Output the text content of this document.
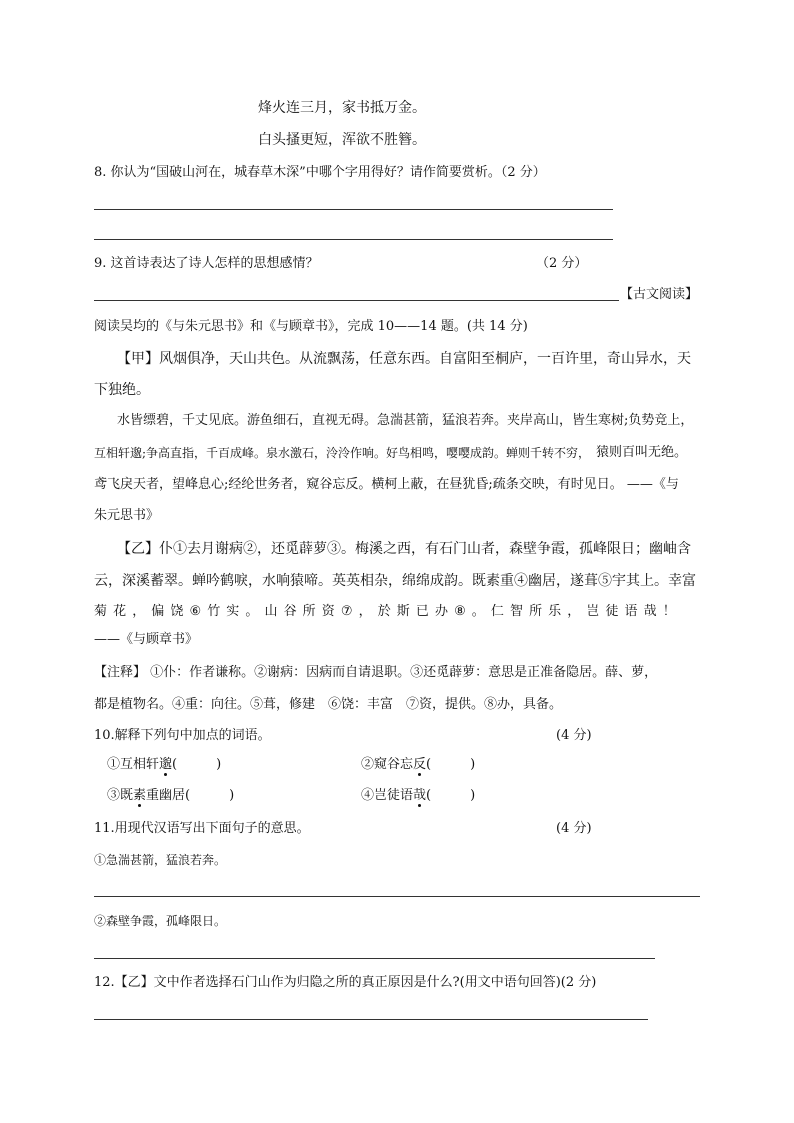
烽火连三月，家书抵万金。
白头搔更短，浑欲不胜簪。
8. 你认为“国破山河在，城春草木深”中哪个字用得好？请作简要赏析。（2 分）
9. 这首诗表达了诗人怎样的思想感情？	（2 分）
【古文阅读】
阅读吴均的《与朱元思书》和《与顾章书》，完成 10——14 题。(共 14 分)
【甲】风烟俱净，天山共色。从流飘荡，任意东西。自富阳至桐庐，一百许里，奇山异水，天
下独绝。
水皆缥碧，千丈见底。游鱼细石，直视无碍。急湍甚箭，猛浪若奔。夹岸高山，皆生寒树;负势竞上，
互相轩邈;争高直指，千百成峰。泉水激石，泠泠作响。好鸟相鸣，嘤嘤成韵。蝉则千转不穷， 猿则百叫无绝。
鸢飞戾天者，望峰息心;经纶世务者，窥谷忘反。横柯上蔽，在昼犹昏;疏条交映，有时见日。 ——《与
朱元思书》
【乙】仆①去月谢病②，还觅薜萝③。梅溪之西，有石门山者，森壁争霞，孤峰限日；幽岫含
云，深溪蓄翠。蝉吟鹤唳，水响猿啼。英英相杂，绵绵成韵。既素重④幽居，遂葺⑤宇其上。幸富
菊 花 ， 偏 饶 ⑥ 竹 实 。 山 谷 所 资 ⑦ ， 於 斯 已 办 ⑧ 。 仁 智 所 乐 ， 岂 徒 语 哉 ！
——《与顾章书》
【注释】 ①仆：作者谦称。②谢病：因病而自请退职。③还觅薜萝：意思是正准备隐居。薛、萝，
都是植物名。④重：向往。⑤葺，修建　⑥饶：丰富　⑦资，提供。⑧办，具备。
10.解释下列句中加点的词语。	(4 分)
①互相轩邈(　　　)	②窥谷忘反(　　　)
③既素重幽居(　　　)	④岂徒语哉(　　　)
11.用现代汉语写出下面句子的意思。	(4 分)
①急湍甚箭，猛浪若奔。
②森壁争霞，孤峰限日。
12.【乙】文中作者选择石门山作为归隐之所的真正原因是什么?(用文中语句回答)(2 分)
